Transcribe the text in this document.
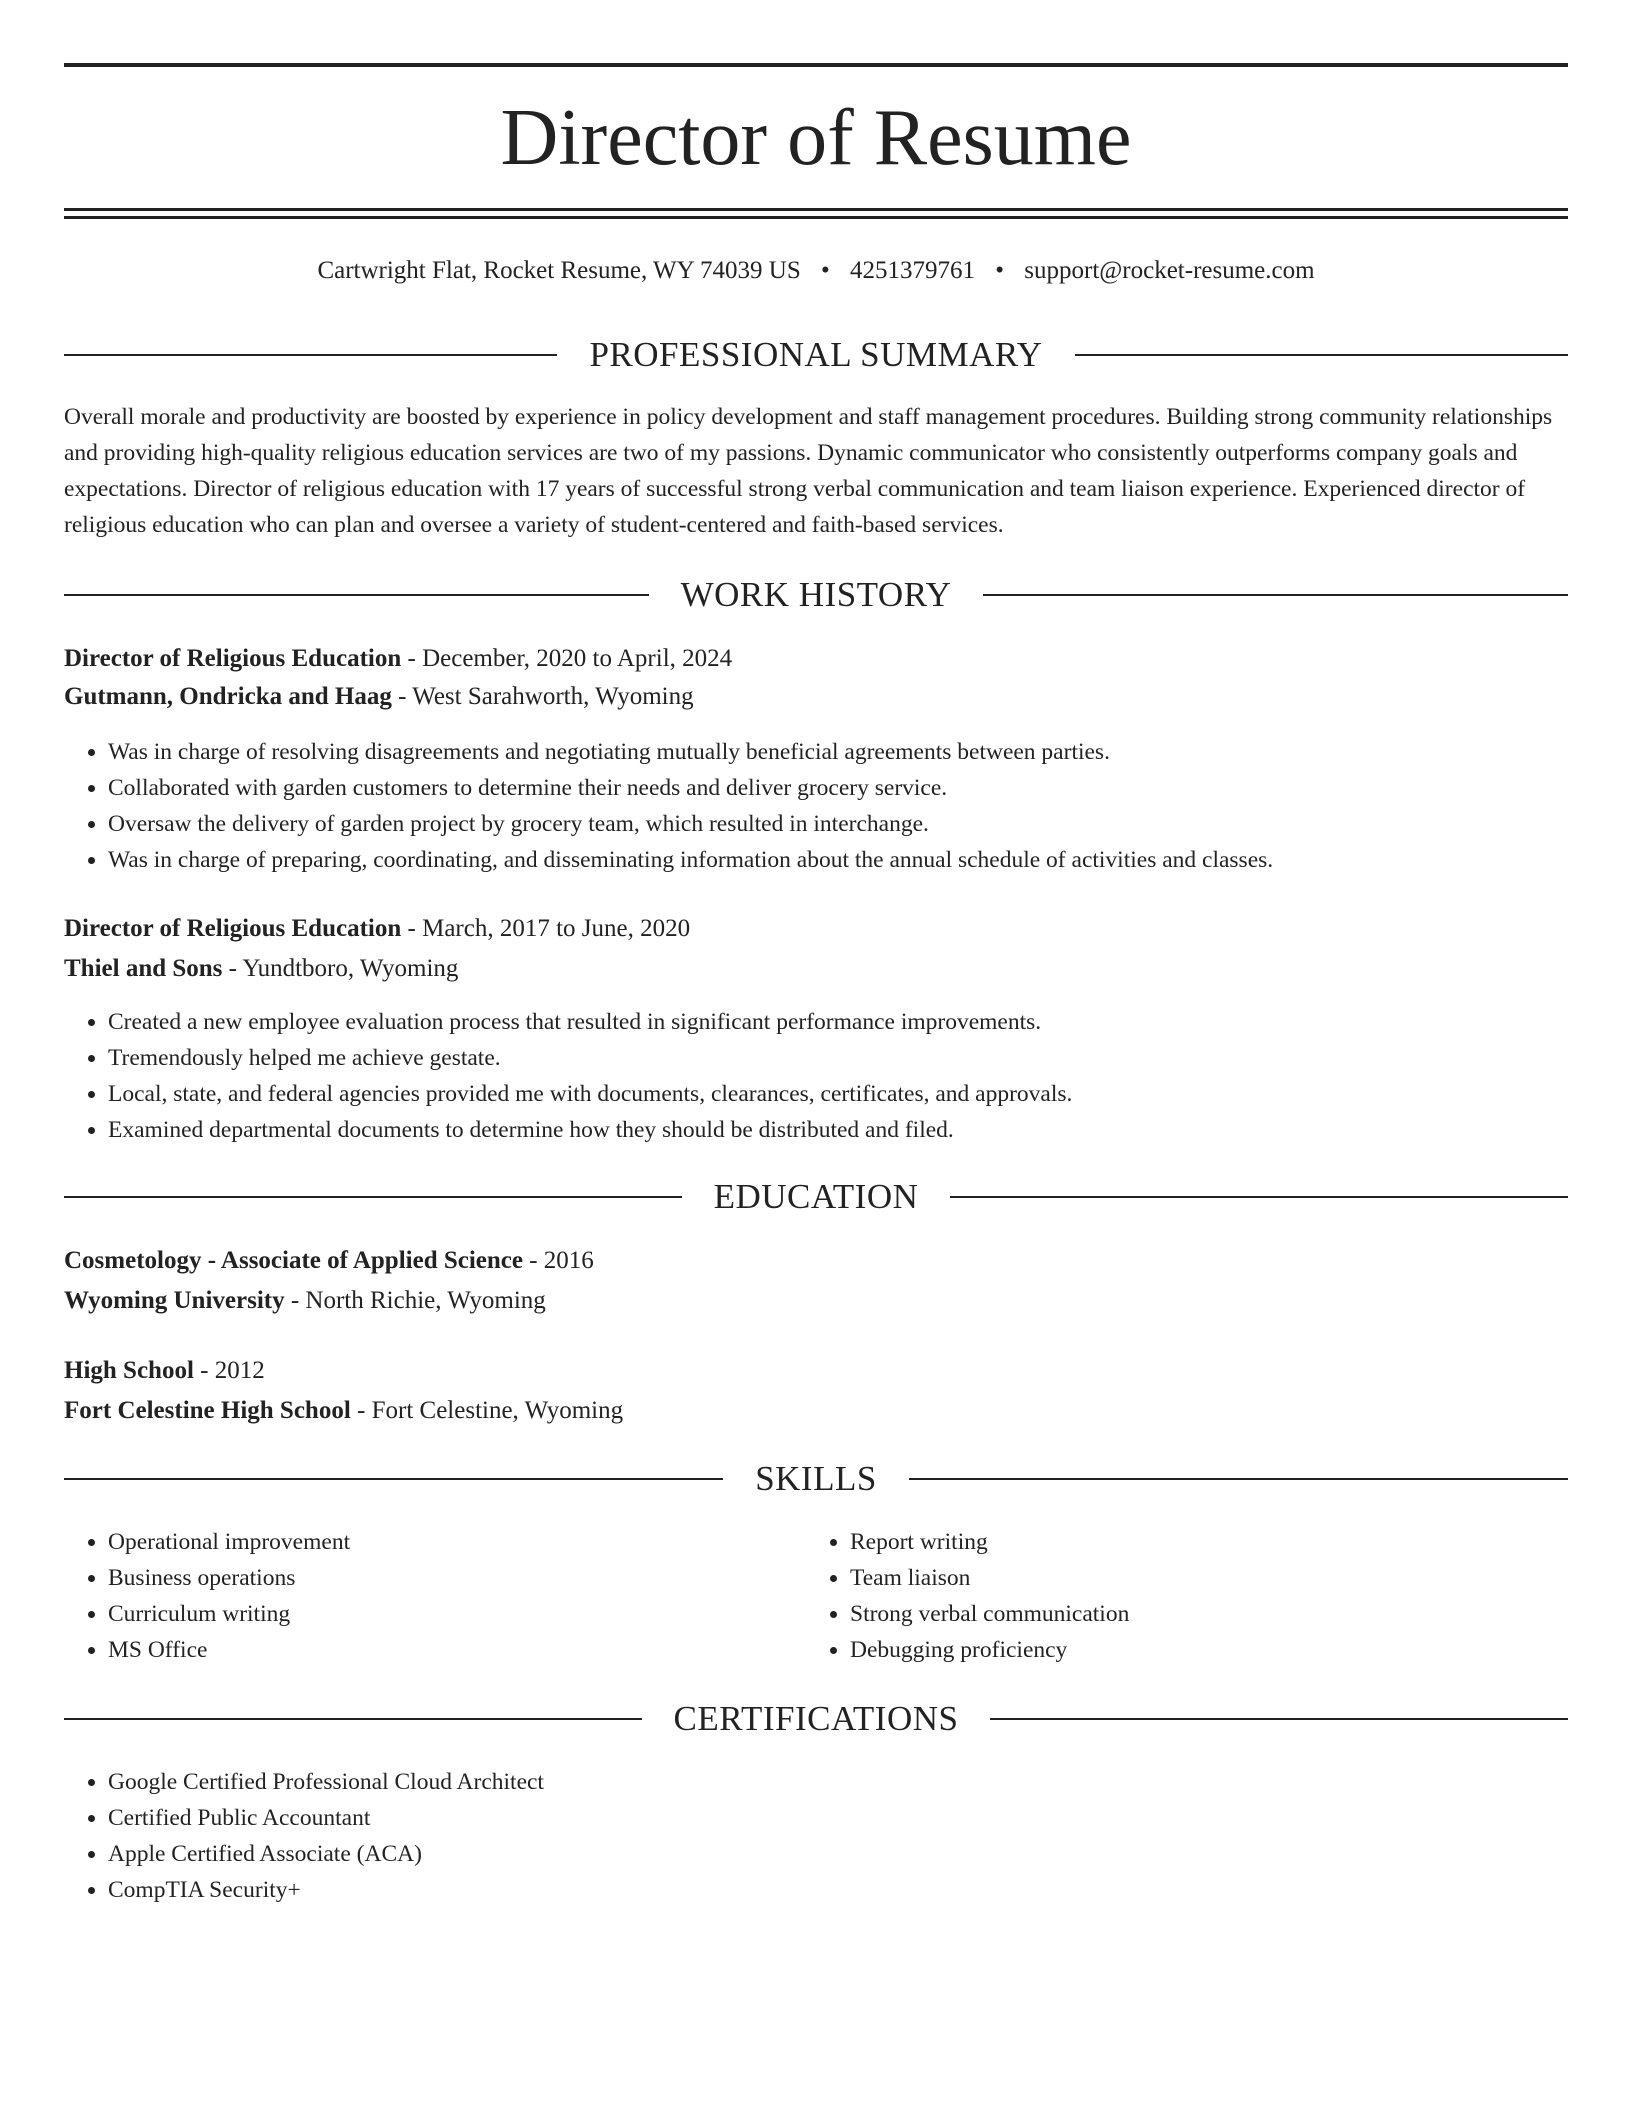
Director of Resume
Cartwright Flat, Rocket Resume, WY 74039 US • 4251379761 • support@rocket-resume.com
PROFESSIONAL SUMMARY

Overall morale and productivity are boosted by experience in policy development and staff management procedures. Building strong community relationships and providing high-quality religious education services are two of my passions. Dynamic communicator who consistently outperforms company goals and expectations. Director of religious education with 17 years of successful strong verbal communication and team liaison experience. Experienced director of religious education who can plan and oversee a variety of student-centered and faith-based services.

WORK HISTORY
Director of Religious Education - December, 2020 to April, 2024
Gutmann, Ondricka and Haag - West Sarahworth, Wyoming
• Was in charge of resolving disagreements and negotiating mutually beneficial agreements between parties.
• Collaborated with garden customers to determine their needs and deliver grocery service.
• Oversaw the delivery of garden project by grocery team, which resulted in interchange.
• Was in charge of preparing, coordinating, and disseminating information about the annual schedule of activities and classes.
Director of Religious Education - March, 2017 to June, 2020
Thiel and Sons - Yundtboro, Wyoming
• Created a new employee evaluation process that resulted in significant performance improvements.
• Tremendously helped me achieve gestate.
• Local, state, and federal agencies provided me with documents, clearances, certificates, and approvals.
• Examined departmental documents to determine how they should be distributed and filed.
EDUCATION
Cosmetology - Associate of Applied Science - 2016
Wyoming University - North Richie, Wyoming
High School - 2012
Fort Celestine High School - Fort Celestine, Wyoming
SKILLS
• Operational improvement
• Business operations
• Curriculum writing
• MS Office
• Report writing
• Team liaison
• Strong verbal communication
• Debugging proficiency
CERTIFICATIONS
• Google Certified Professional Cloud Architect
• Certified Public Accountant
• Apple Certified Associate (ACA)
• CompTIA Security+
